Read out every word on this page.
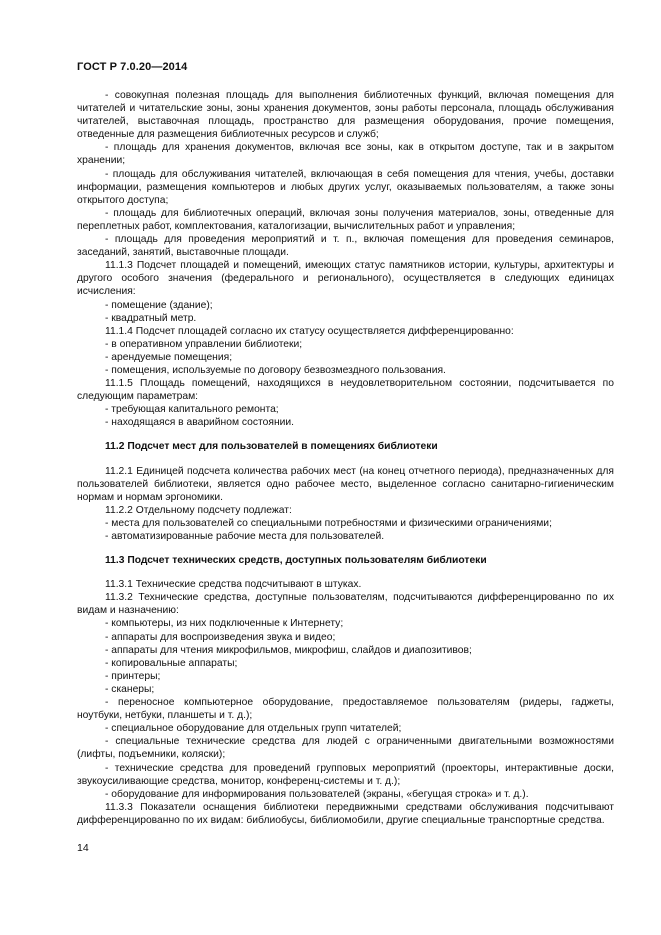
ГОСТ Р 7.0.20—2014

- совокупная полезная площадь для выполнения библиотечных функций, включая помещения для читателей и читательские зоны, зоны хранения документов, зоны работы персонала, площадь обслуживания читателей, выставочная площадь, пространство для размещения оборудования, прочие помещения, отведенные для размещения библиотечных ресурсов и служб;

- площадь для хранения документов, включая все зоны, как в открытом доступе, так и в закрытом хранении;

- площадь для обслуживания читателей, включающая в себя помещения для чтения, учебы, доставки информации, размещения компьютеров и любых других услуг, оказываемых пользователям, а также зоны открытого доступа;

- площадь для библиотечных операций, включая зоны получения материалов, зоны, отведенные для переплетных работ, комплектования, каталогизации, вычислительных работ и управления;

- площадь для проведения мероприятий и т. п., включая помещения для проведения семинаров, заседаний, занятий, выставочные площади.

11.1.3 Подсчет площадей и помещений, имеющих статус памятников истории, культуры, архитектуры и другого особого значения (федерального и регионального), осуществляется в следующих единицах исчисления:

- помещение (здание);

- квадратный метр.

11.1.4 Подсчет площадей согласно их статусу осуществляется дифференцированно:

- в оперативном управлении библиотеки;

- арендуемые помещения;

- помещения, используемые по договору безвозмездного пользования.

11.1.5 Площадь помещений, находящихся в неудовлетворительном состоянии, подсчитывается по следующим параметрам:

- требующая капитального ремонта;

- находящаяся в аварийном состоянии.

11.2 Подсчет мест для пользователей в помещениях библиотеки

11.2.1 Единицей подсчета количества рабочих мест (на конец отчетного периода), предназначенных для пользователей библиотеки, является одно рабочее место, выделенное согласно санитарно-гигиеническим нормам и нормам эргономики.

11.2.2 Отдельному подсчету подлежат:

- места для пользователей со специальными потребностями и физическими ограничениями;

- автоматизированные рабочие места для пользователей.

11.3 Подсчет технических средств, доступных пользователям библиотеки

11.3.1 Технические средства подсчитывают в штуках.

11.3.2 Технические средства, доступные пользователям, подсчитываются дифференцированно по их видам и назначению:

- компьютеры, из них подключенные к Интернету;

- аппараты для воспроизведения звука и видео;

- аппараты для чтения микрофильмов, микрофиш, слайдов и диапозитивов;

- копировальные аппараты;

- принтеры;

- сканеры;

- переносное компьютерное оборудование, предоставляемое пользователям (ридеры, гаджеты, ноутбуки, нетбуки, планшеты и т. д.);

- специальное оборудование для отдельных групп читателей;

- специальные технические средства для людей с ограниченными двигательными возможностями (лифты, подъемники, коляски);

- технические средства для проведений групповых мероприятий (проекторы, интерактивные доски, звукоусиливающие средства, монитор, конференц-системы и т. д.);

- оборудование для информирования пользователей (экраны, «бегущая строка» и т. д.).

11.3.3 Показатели оснащения библиотеки передвижными средствами обслуживания подсчитывают дифференцированно по их видам: библиобусы, библиомобили, другие специальные транспортные средства.

14
